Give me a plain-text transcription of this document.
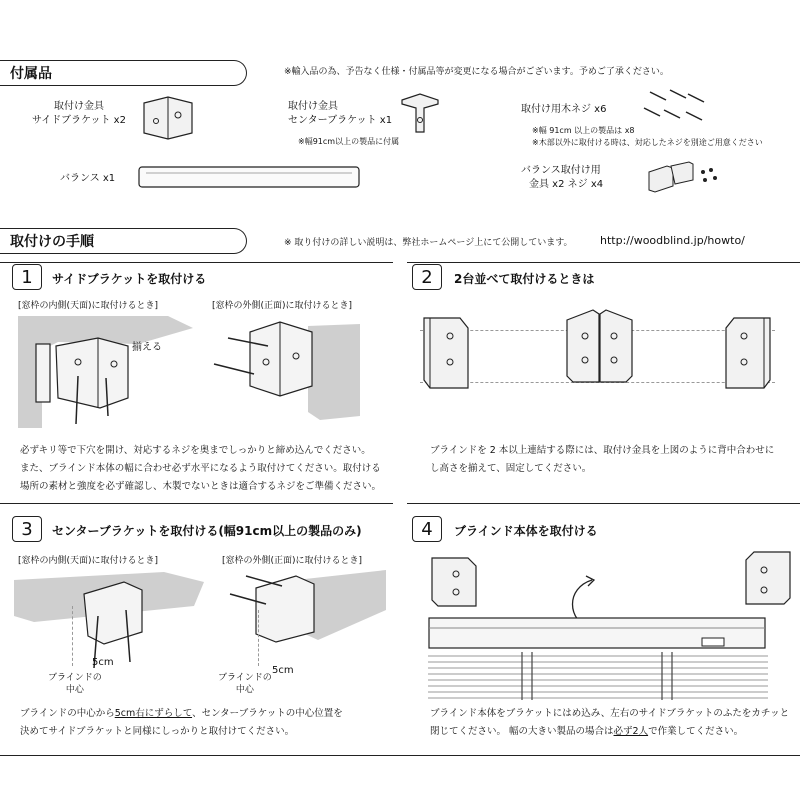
付属品	※輸入品の為、予告なく仕様・付属品等が変更になる場合がございます。予めご了承ください。
取付け金具
サイドブラケット x2
取付け金具
センターブラケット x1
※幅91cm以上の製品に付属
取付け用木ネジ x6
※幅 91cm 以上の製品は x8
※木部以外に取付ける時は、対応したネジを別途ご用意ください
バランス x1
バランス取付け用
金具 x2 ネジ x4
取付けの手順	※ 取り付けの詳しい説明は、弊社ホームページ上にて公開しています。 http://woodblind.jp/howto/
1	サイドブラケットを取付ける
[窓枠の内側(天面)に取付けるとき]	[窓枠の外側(正面)に取付けるとき]
揃える
必ずキリ等で下穴を開け、対応するネジを奥までしっかりと締め込んでください。
また、ブラインド本体の幅に合わせ必ず水平になるよう取付けてください。取付ける
場所の素材と強度を必ず確認し、木製でないときは適合するネジをご準備ください。
2	2台並べて取付けるときは
ブラインドを 2 本以上連結する際には、取付け金具を上図のように背中合わせに
し高さを揃えて、固定してください。
3	センターブラケットを取付ける(幅91cm以上の製品のみ)
[窓枠の内側(天面)に取付けるとき]	[窓枠の外側(正面)に取付けるとき]
5cm
ブラインドの
中心
5cm
ブラインドの
中心
ブラインドの中心から5cm右にずらして、センターブラケットの中心位置を
決めてサイドブラケットと同様にしっかりと取付けてください。
4	ブラインド本体を取付ける
ブラインド本体をブラケットにはめ込み、左右のサイドブラケットのふたをカチッと
閉じてください。 幅の大きい製品の場合は必ず2人で作業してください。
